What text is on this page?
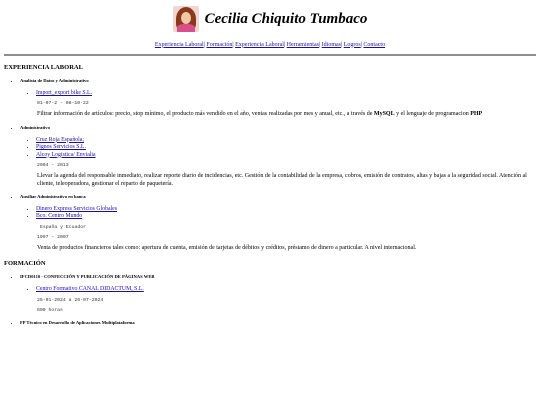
Cecilia Chiquito Tumbaco
Experiencia Laboral| Formación| Experiencia Laboral| Herramientas| Idiomas| Logros| Contacto
EXPERIENCIA LABORAL
• Analista de Datos y Administrativo
• Import_export bike S.L.
01-07-2 - 08-10-22
Filtrar información de artículos: precio, stop mínimo, el producto más vendido en el año, ventas realizadas por mes y anual, etc., a través de MySQL y el lenguaje de programacion PHP
• Administrativo
• Cruz Roja Española;
• Pignos Servicios S.L.
• Alcoy Logistica/ Envialia
2004 - 2013
Llevar la agenda del responsable inmediato, realizar reporte diario de incidencias, etc. Gestión de la contabilidad de la empresa, cobros, emisión de contratos, altas y bajas a la seguridad social. Atención al cliente, teleoperadora, gestionar el reparto de paquetería.
• Auxiliar Administrativo en banca
• Dinero Express Servicios Globales
• Bco. Centro Mundo
España y Ecuador
1997 - 2007
Venta de productos financieros tales como: apertura de cuenta, emisión de tarjetas de débitos y créditos, préstamo de dinero a particular. A nivel internacional.
FORMACIÓN
• IFCD0110 - CONFECCIÓN Y PUBLICACIÓN DE PÁGINAS WEB
• Centro Formativo CANAL DIDACTUM, S.L.
25-01-2024 a 26-07-2024
600 horas
• FP Técnico en Desarrollo de Aplicaciones Multiplataforma
